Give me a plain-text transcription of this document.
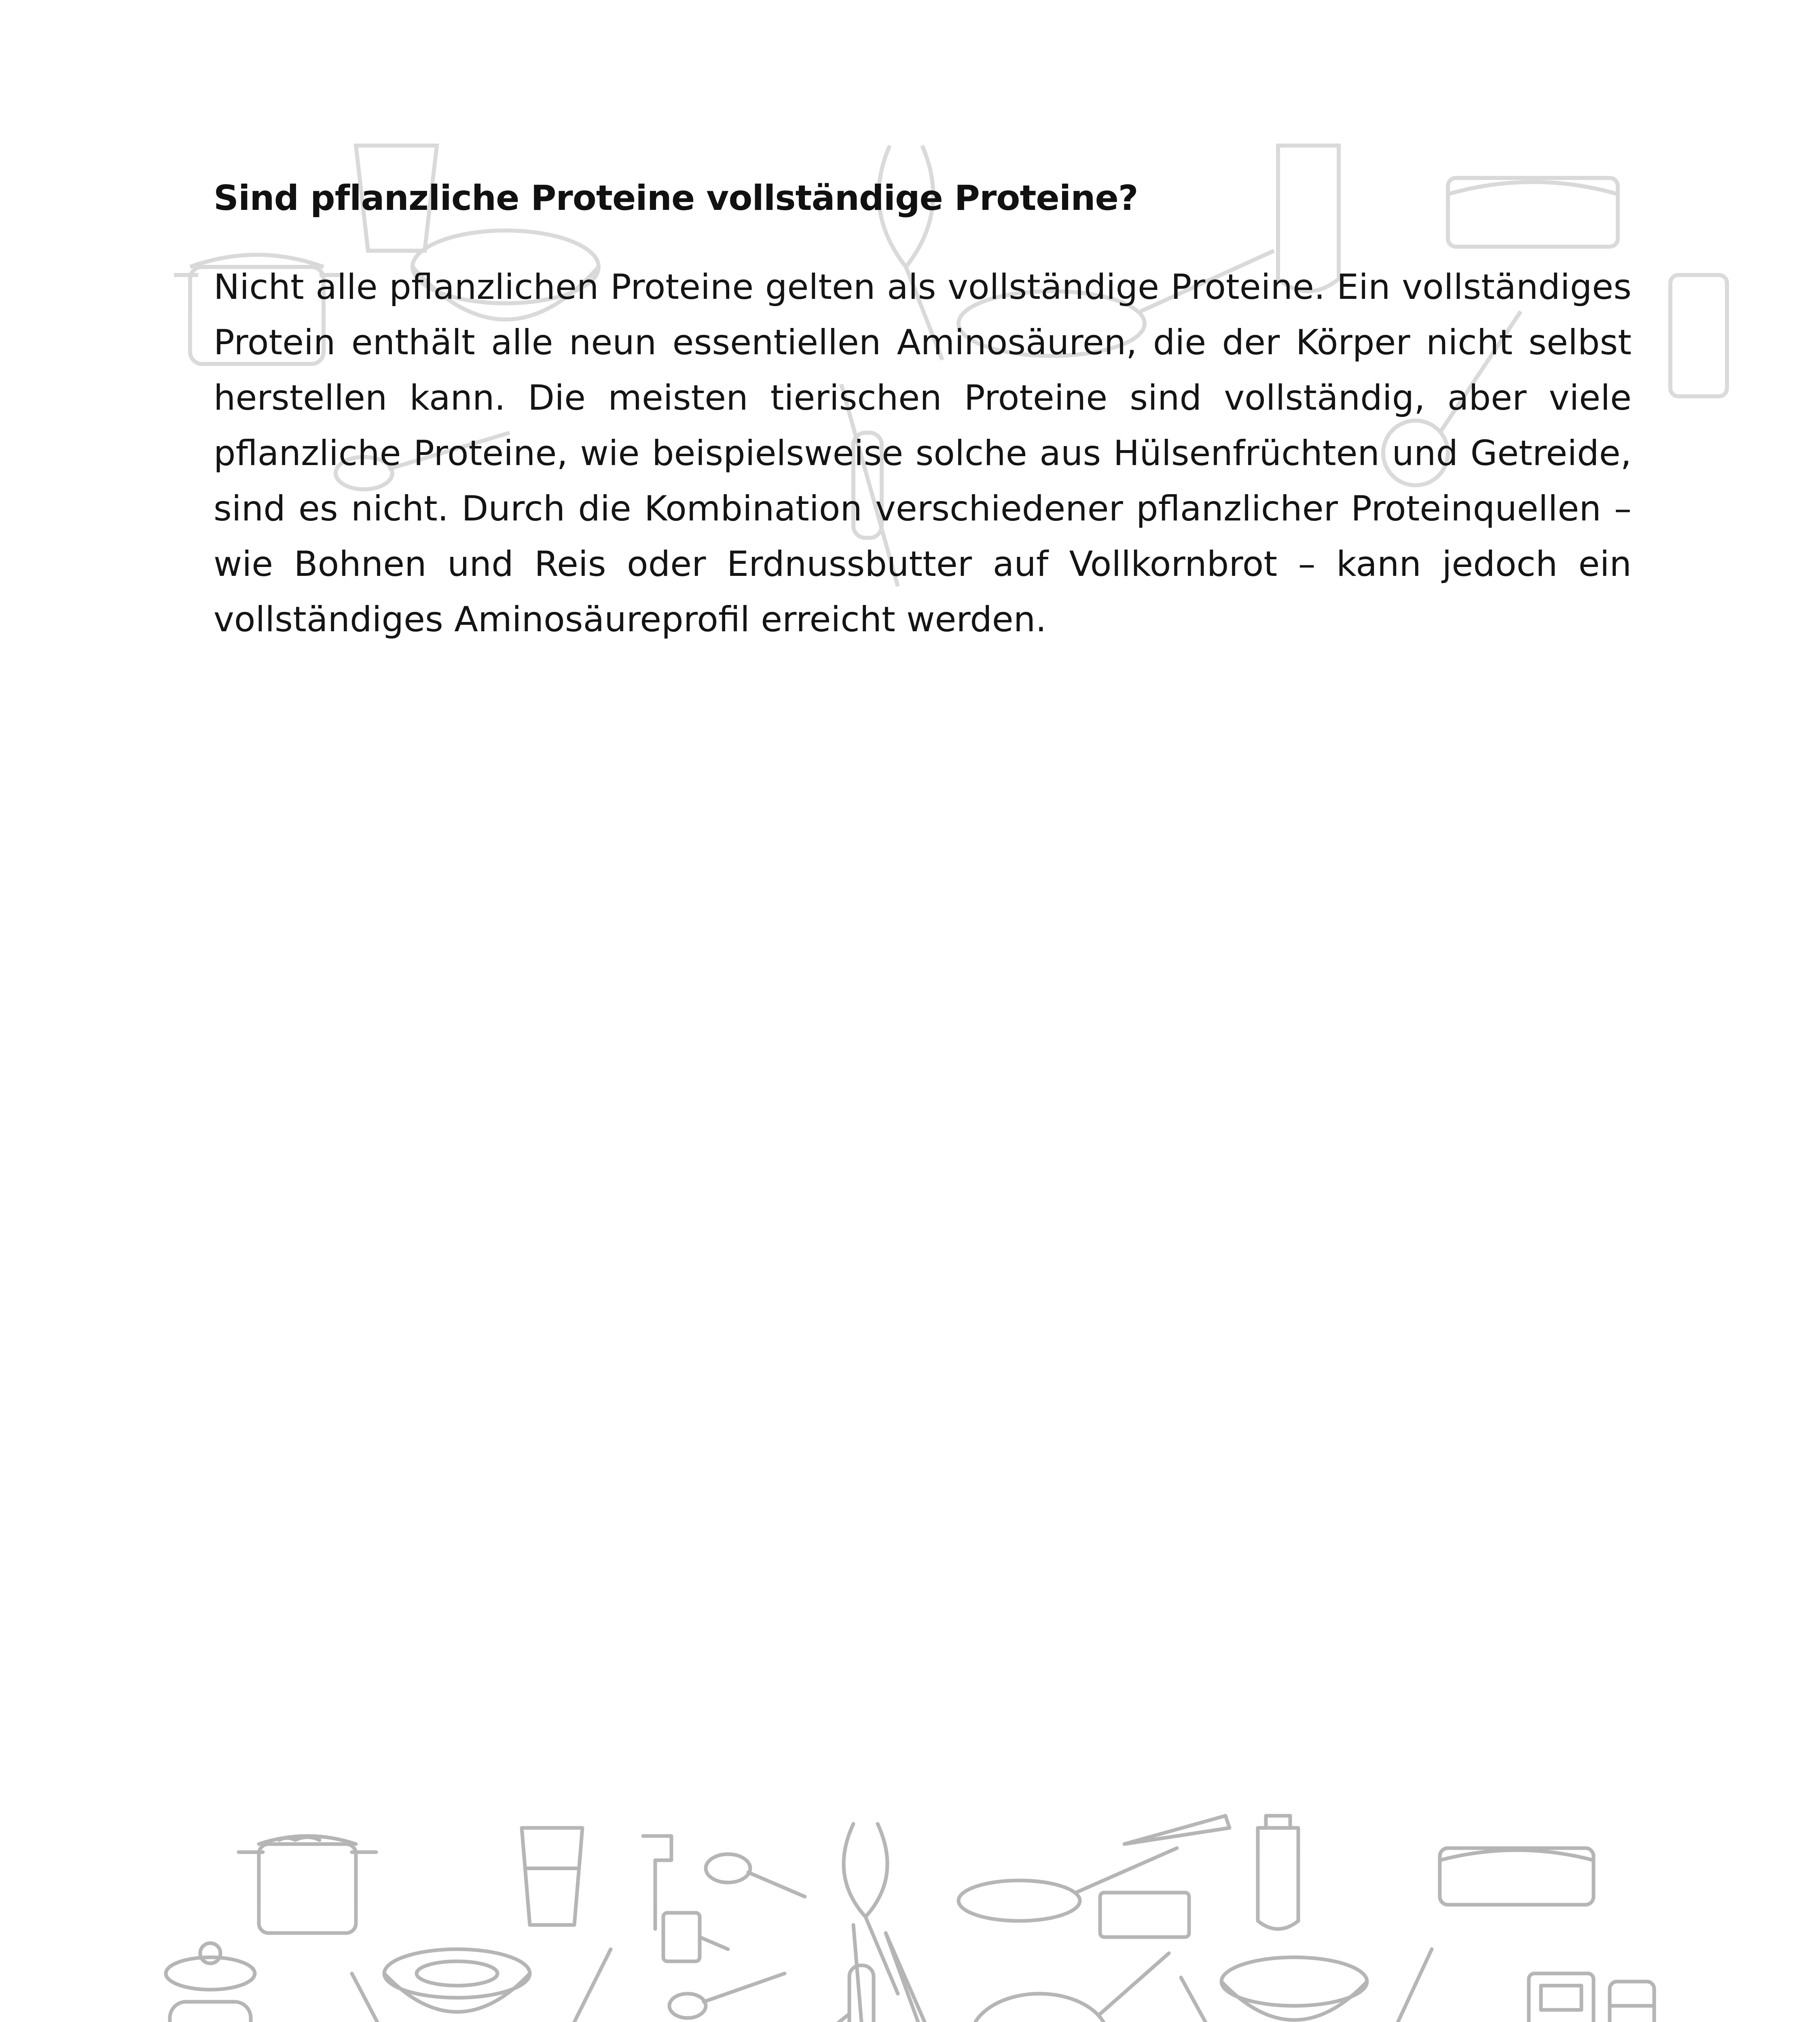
Sind pflanzliche Proteine vollständige Proteine?

Nicht alle pflanzlichen Proteine gelten als vollständige Proteine. Ein vollständiges Protein enthält alle neun essentiellen Aminosäuren, die der Körper nicht selbst herstellen kann. Die meisten tierischen Proteine sind vollständig, aber viele pflanzliche Proteine, wie beispielsweise solche aus Hülsenfrüchten und Getreide, sind es nicht. Durch die Kombination verschiedener pflanzlicher Proteinquellen – wie Bohnen und Reis oder Erdnussbutter auf Vollkornbrot – kann jedoch ein vollständiges Aminosäureprofil erreicht werden.
